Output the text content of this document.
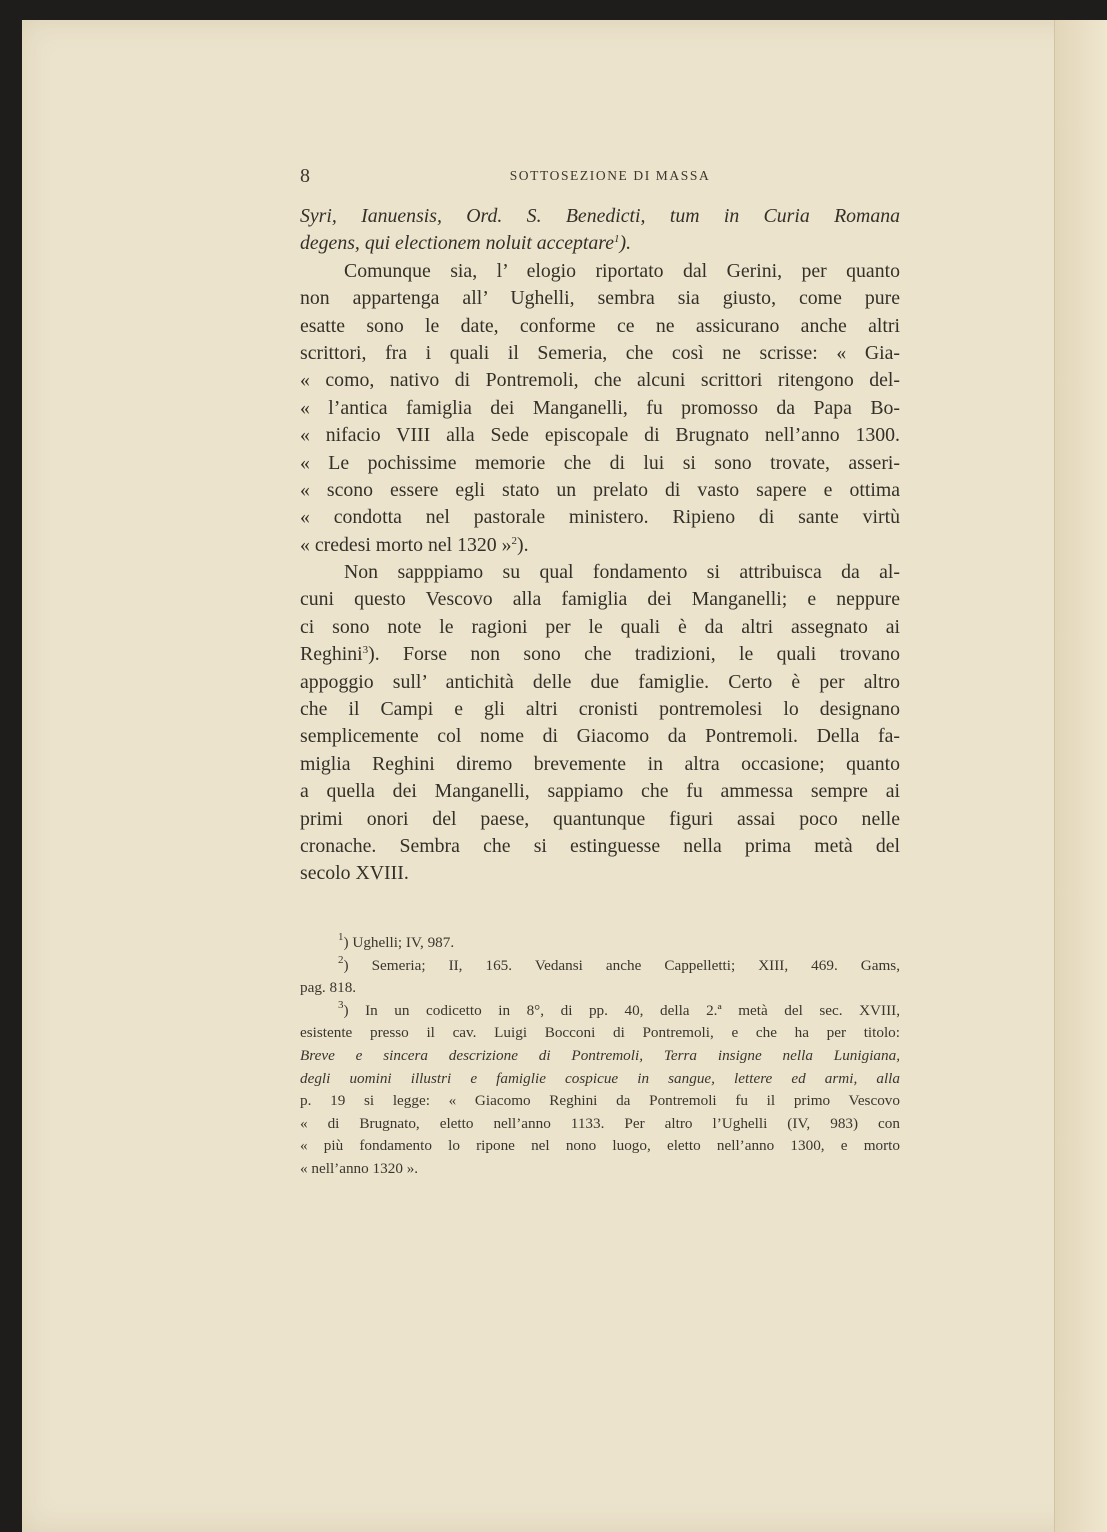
8	SOTTOSEZIONE DI MASSA
Syri, Ianuensis, Ord. S. Benedicti, tum in Curia Romana
degens, qui electionem noluit acceptare$^1$).
Comunque sia, l’ elogio riportato dal Gerini, per quanto
non appartenga all’ Ughelli, sembra sia giusto, come pure
esatte sono le date, conforme ce ne assicurano anche altri
scrittori, fra i quali il Semeria, che così ne scrisse: « Gia-
« como, nativo di Pontremoli, che alcuni scrittori ritengono del-
« l’antica famiglia dei Manganelli, fu promosso da Papa Bo-
« nifacio VIII alla Sede episcopale di Brugnato nell’anno 1300.
« Le pochissime memorie che di lui si sono trovate, asseri-
« scono essere egli stato un prelato di vasto sapere e ottima
« condotta nel pastorale ministero. Ripieno di sante virtù
« credesi morto nel 1320 »$^2$).
Non sapppiamo su qual fondamento si attribuisca da al-
cuni questo Vescovo alla famiglia dei Manganelli; e neppure
ci sono note le ragioni per le quali è da altri assegnato ai
Reghini$^3$). Forse non sono che tradizioni, le quali trovano
appoggio sull’ antichità delle due famiglie. Certo è per altro
che il Campi e gli altri cronisti pontremolesi lo designano
semplicemente col nome di Giacomo da Pontremoli. Della fa-
miglia Reghini diremo brevemente in altra occasione; quanto
a quella dei Manganelli, sappiamo che fu ammessa sempre ai
primi onori del paese, quantunque figuri assai poco nelle
cronache. Sembra che si estinguesse nella prima metà del
secolo XVIII.
$^1$) Ughelli; IV, 987.
$^2$) Semeria; II, 165. Vedansi anche Cappelletti; XIII, 469. Gams,
pag. 818.
$^3$) In un codicetto in 8°, di pp. 40, della 2.ª metà del sec. XVIII,
esistente presso il cav. Luigi Bocconi di Pontremoli, e che ha per titolo:
Breve e sincera descrizione di Pontremoli, Terra insigne nella Lunigiana,
degli uomini illustri e famiglie cospicue in sangue, lettere ed armi, alla
p. 19 si legge: « Giacomo Reghini da Pontremoli fu il primo Vescovo
« di Brugnato, eletto nell’anno 1133. Per altro l’Ughelli (IV, 983) con
« più fondamento lo ripone nel nono luogo, eletto nell’anno 1300, e morto
« nell’anno 1320 ».
